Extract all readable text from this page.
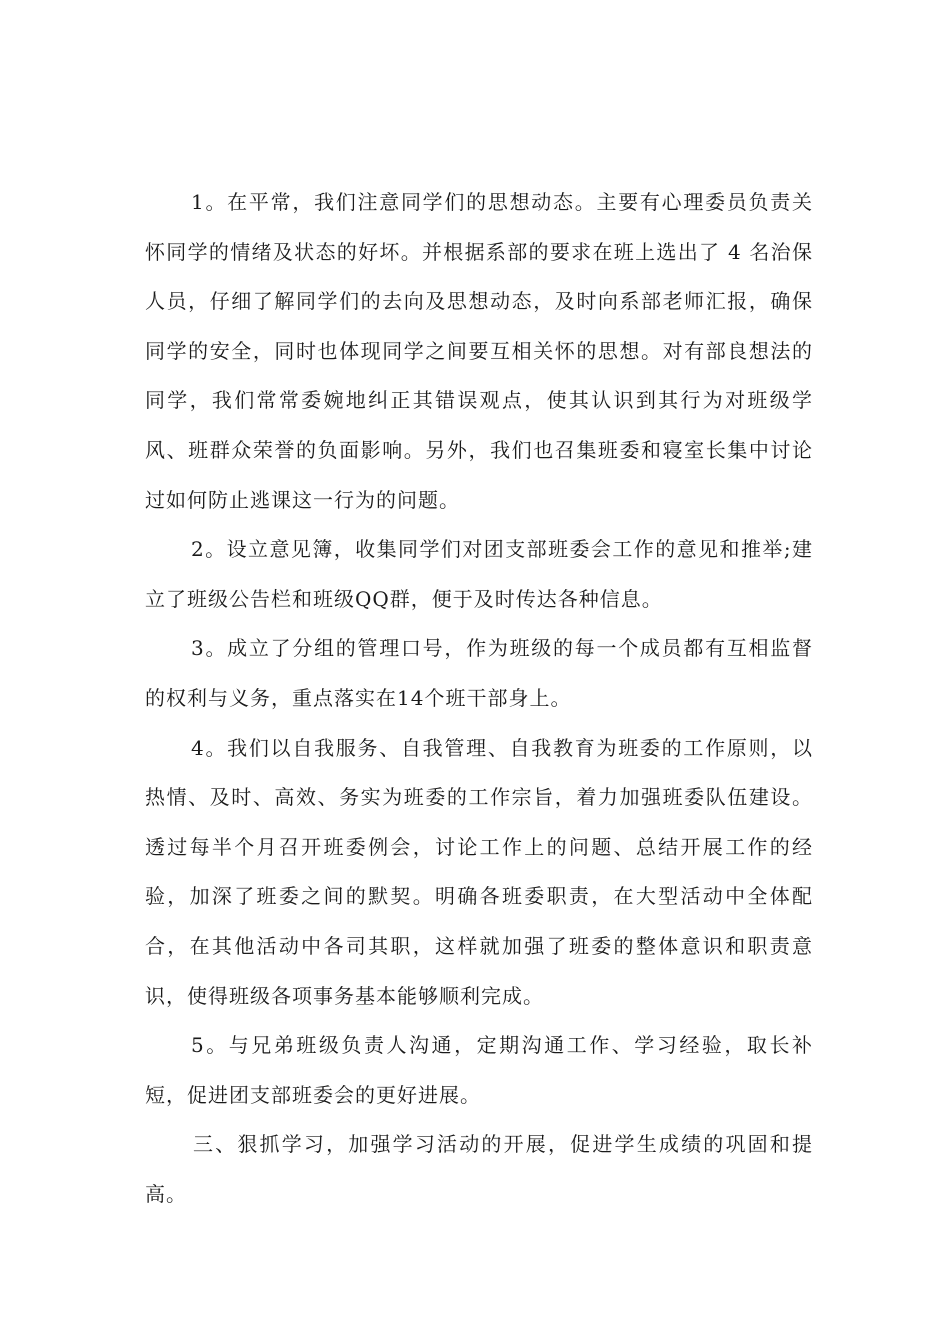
1。在平常，我们注意同学们的思想动态。主要有心理委员负责关怀同学的情绪及状态的好坏。并根据系部的要求在班上选出了 4 名治保人员，仔细了解同学们的去向及思想动态，及时向系部老师汇报，确保同学的安全，同时也体现同学之间要互相关怀的思想。对有部良想法的同学，我们常常委婉地纠正其错误观点，使其认识到其行为对班级学风、班群众荣誉的负面影响。另外，我们也召集班委和寝室长集中讨论过如何防止逃课这一行为的问题。

2。设立意见簿，收集同学们对团支部班委会工作的意见和推举;建立了班级公告栏和班级QQ群，便于及时传达各种信息。

3。成立了分组的管理口号，作为班级的每一个成员都有互相监督的权利与义务，重点落实在14个班干部身上。

4。我们以自我服务、自我管理、自我教育为班委的工作原则，以热情、及时、高效、务实为班委的工作宗旨，着力加强班委队伍建设。透过每半个月召开班委例会，讨论工作上的问题、总结开展工作的经验，加深了班委之间的默契。明确各班委职责，在大型活动中全体配合，在其他活动中各司其职，这样就加强了班委的整体意识和职责意识，使得班级各项事务基本能够顺利完成。

5。与兄弟班级负责人沟通，定期沟通工作、学习经验，取长补短，促进团支部班委会的更好进展。

三、狠抓学习，加强学习活动的开展，促进学生成绩的巩固和提高。
